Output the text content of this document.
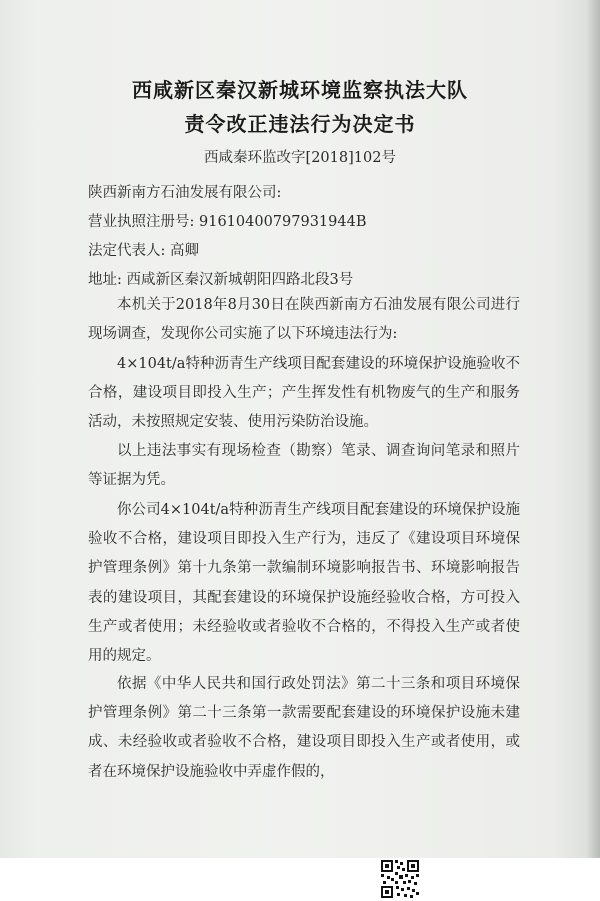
西咸新区秦汉新城环境监察执法大队
责令改正违法行为决定书
西咸秦环监改字[2018]102号
陕西新南方石油发展有限公司:
营业执照注册号: 91610400797931944B
法定代表人: 高卿
地址: 西咸新区秦汉新城朝阳四路北段3号
本机关于2018年8月30日在陕西新南方石油发展有限公司进行现场调查，发现你公司实施了以下环境违法行为:
4×104t/a特种沥青生产线项目配套建设的环境保护设施验收不合格，建设项目即投入生产；产生挥发性有机物废气的生产和服务活动，未按照规定安装、使用污染防治设施。
以上违法事实有现场检查（勘察）笔录、调查询问笔录和照片等证据为凭。
你公司4×104t/a特种沥青生产线项目配套建设的环境保护设施验收不合格，建设项目即投入生产行为，违反了《建设项目环境保护管理条例》第十九条第一款编制环境影响报告书、环境影响报告表的建设项目，其配套建设的环境保护设施经验收合格，方可投入生产或者使用；未经验收或者验收不合格的，不得投入生产或者使用的规定。
依据《中华人民共和国行政处罚法》第二十三条和项目环境保护管理条例》第二十三条第一款需要配套建设的环境保护设施未建成、未经验收或者验收不合格，建设项目即投入生产或者使用，或者在环境保护设施验收中弄虚作假的，
